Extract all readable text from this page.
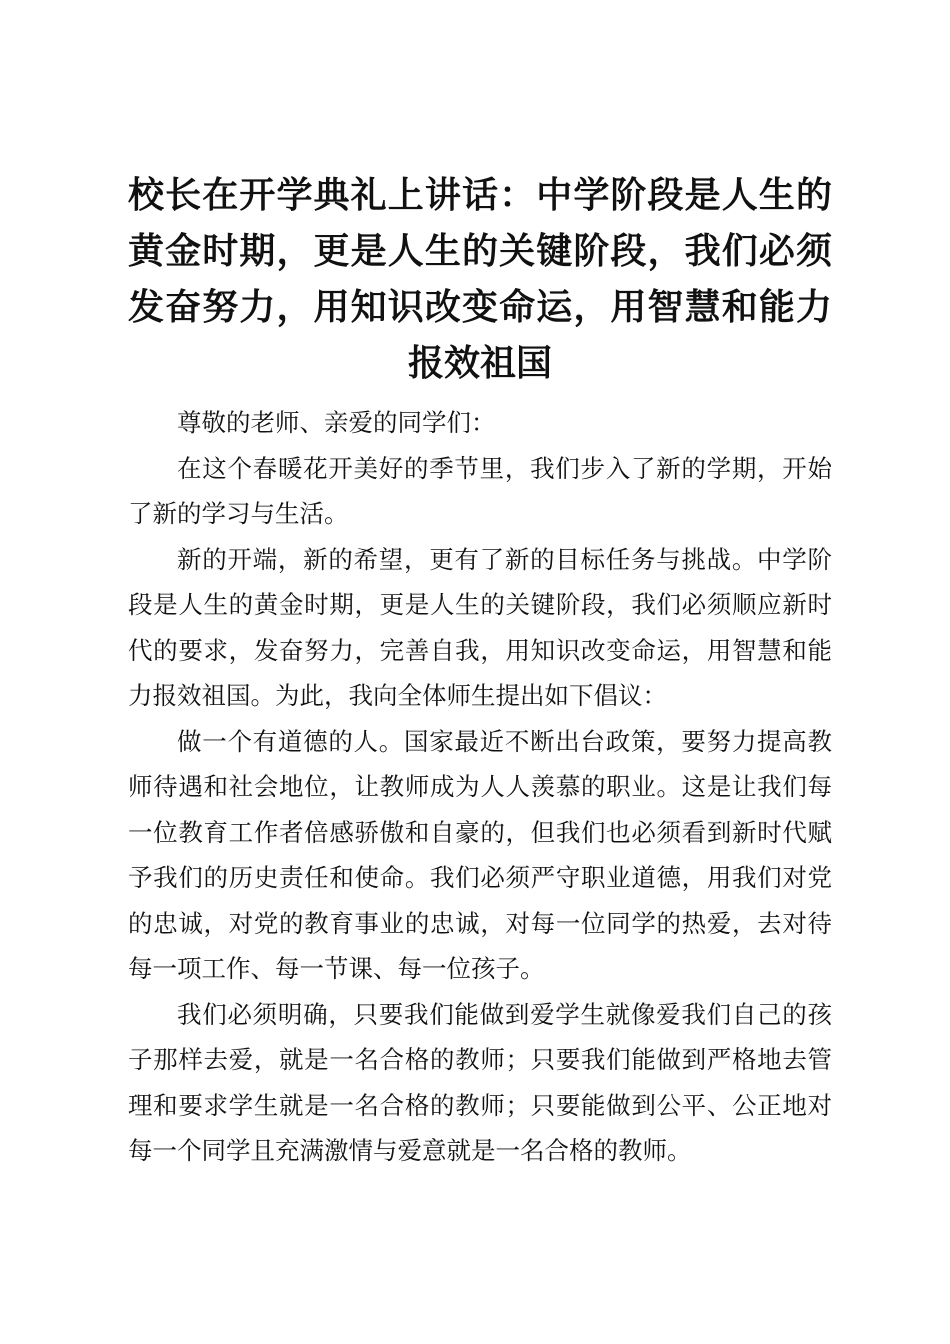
校长在开学典礼上讲话：中学阶段是人生的黄金时期，更是人生的关键阶段，我们必须发奋努力，用知识改变命运，用智慧和能力报效祖国

尊敬的老师、亲爱的同学们：

在这个春暖花开美好的季节里，我们步入了新的学期，开始了新的学习与生活。

新的开端，新的希望，更有了新的目标任务与挑战。中学阶段是人生的黄金时期，更是人生的关键阶段，我们必须顺应新时代的要求，发奋努力，完善自我，用知识改变命运，用智慧和能力报效祖国。为此，我向全体师生提出如下倡议：

做一个有道德的人。国家最近不断出台政策，要努力提高教师待遇和社会地位，让教师成为人人羡慕的职业。这是让我们每一位教育工作者倍感骄傲和自豪的，但我们也必须看到新时代赋予我们的历史责任和使命。我们必须严守职业道德，用我们对党的忠诚，对党的教育事业的忠诚，对每一位同学的热爱，去对待每一项工作、每一节课、每一位孩子。

我们必须明确，只要我们能做到爱学生就像爱我们自己的孩子那样去爱，就是一名合格的教师；只要我们能做到严格地去管理和要求学生就是一名合格的教师；只要能做到公平、公正地对每一个同学且充满激情与爱意就是一名合格的教师。
